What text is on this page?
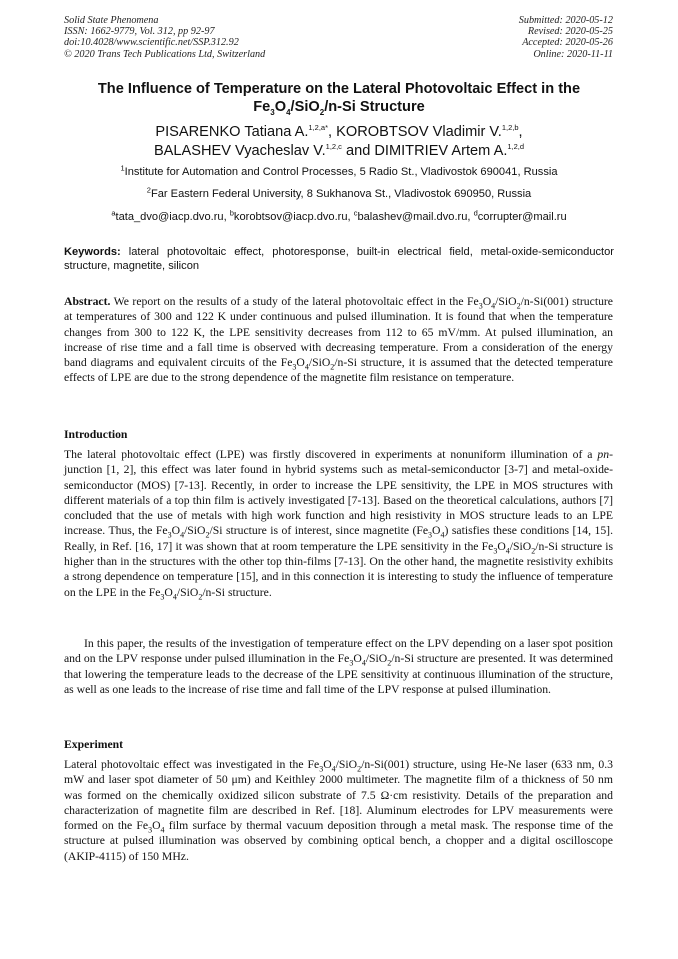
Solid State Phenomena
ISSN: 1662-9779, Vol. 312, pp 92-97
doi:10.4028/www.scientific.net/SSP.312.92
© 2020 Trans Tech Publications Ltd, Switzerland
Submitted: 2020-05-12
Revised: 2020-05-25
Accepted: 2020-05-26
Online: 2020-11-11
The Influence of Temperature on the Lateral Photovoltaic Effect in the
$Fe_3O_4/SiO_2/n-Si$ Structure
PISARENKO Tatiana A.$^{1,2,a*}$, KOROBTSOV Vladimir V.$^{1,2,b}$,
BALASHEV Vyacheslav V.$^{1,2,c}$ and DIMITRIEV Artem A.$^{1,2,d}$
$^1$Institute for Automation and Control Processes, 5 Radio St., Vladivostok 690041, Russia
$^2$Far Eastern Federal University, 8 Sukhanova St., Vladivostok 690950, Russia
$^a$tata_dvo@iacp.dvo.ru, $^b$korobtsov@iacp.dvo.ru, $^c$balashev@mail.dvo.ru, $^d$corrupter@mail.ru
Keywords: lateral photovoltaic effect, photoresponse, built-in electrical field, metal-oxide-semiconductor structure, magnetite, silicon

Abstract. We report on the results of a study of the lateral photovoltaic effect in the $Fe_3O_4/SiO_2/n-Si(001)$ structure at temperatures of 300 and 122 K under continuous and pulsed illumination. It is found that when the temperature changes from 300 to 122 K, the LPE sensitivity decreases from 112 to 65 mV/mm. At pulsed illumination, an increase of rise time and a fall time is observed with decreasing temperature. From a consideration of the energy band diagrams and equivalent circuits of the $Fe_3O_4/SiO_2/n-Si$ structure, it is assumed that the detected temperature effects of LPE are due to the strong dependence of the magnetite film resistance on temperature.

Introduction

The lateral photovoltaic effect (LPE) was firstly discovered in experiments at nonuniform illumination of a pn-junction [1, 2], this effect was later found in hybrid systems such as metal-semiconductor [3-7] and metal-oxide-semiconductor (MOS) [7-13]. Recently, in order to increase the LPE sensitivity, the LPE in MOS structures with different materials of a top thin film is actively investigated [7-13]. Based on the theoretical calculations, authors [7] concluded that the use of metals with high work function and high resistivity in MOS structure leads to an LPE increase. Thus, the $Fe_3O_4/SiO_2/Si$ structure is of interest, since magnetite $(Fe_3O_4)$ satisfies these conditions [14, 15]. Really, in Ref. [16, 17] it was shown that at room temperature the LPE sensitivity in the $Fe_3O_4/SiO_2/n-Si$ structure is higher than in the structures with the other top thin-films [7-13]. On the other hand, the magnetite resistivity exhibits a strong dependence on temperature [15], and in this connection it is interesting to study the influence of temperature on the LPE in the $Fe_3O_4/SiO_2/n-Si$ structure.

In this paper, the results of the investigation of temperature effect on the LPV depending on a laser spot position and on the LPV response under pulsed illumination in the $Fe_3O_4/SiO_2/n-Si$ structure are presented. It was determined that lowering the temperature leads to the decrease of the LPE sensitivity at continuous illumination of the structure, as well as one leads to the increase of rise time and fall time of the LPV response at pulsed illumination.

Experiment

Lateral photovoltaic effect was investigated in the $Fe_3O_4/SiO_2/n-Si(001)$ structure, using He-Ne laser (633 nm, 0.3 mW and laser spot diameter of 50 μm) and Keithley 2000 multimeter. The magnetite film of a thickness of 50 nm was formed on the chemically oxidized silicon substrate of 7.5 Ω·cm resistivity. Details of the preparation and characterization of magnetite film are described in Ref. [18]. Aluminum electrodes for LPV measurements were formed on the $Fe_3O_4$ film surface by thermal vacuum deposition through a metal mask. The response time of the structure at pulsed illumination was observed by combining optical bench, a chopper and a digital oscilloscope (AKIP-4115) of 150 MHz.
